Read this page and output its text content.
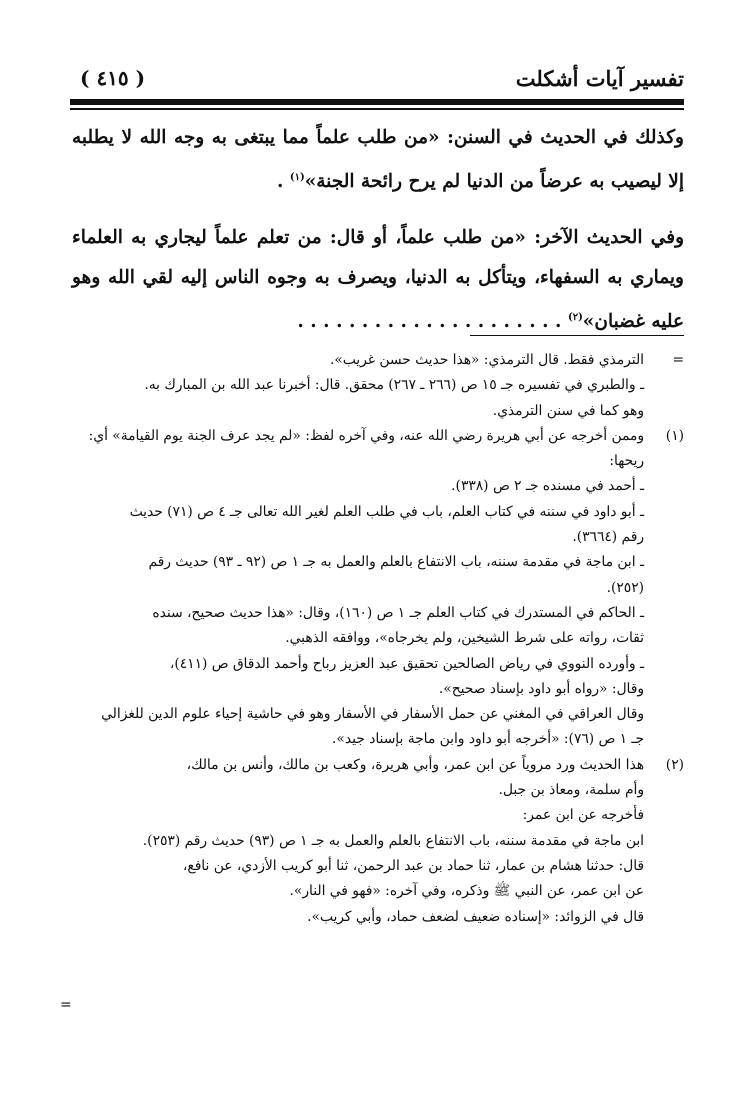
( ٤١٥ )	تفسير آيات أشكلت

وكذلك في الحديث في السنن: «من طلب علماً مما يبتغى به وجه الله لا يطلبه إلا ليصيب به عرضاً من الدنيا لم يرح رائحة الجنة»$^{(١)}$ .

وفي الحديث الآخر: «من طلب علماً، أو قال: من تعلم علماً ليجاري به العلماء ويماري به السفهاء، ويتأكل به الدنيا، ويصرف به وجوه الناس إليه لقي الله وهو عليه غضبان»$^{(٢)}$ . . . . . . . . . . . . . . . . . . . . .

=
الترمذي فقط. قال الترمذي: «هذا حديث حسن غريب».
ـ والطبري في تفسيره جـ ١٥ ص (٢٦٦ ـ ٢٦٧) محقق. قال: أخبرنا عبد الله بن المبارك به.
وهو كما في سنن الترمذي.
(١)
وممن أخرجه عن أبي هريرة رضي الله عنه، وفي آخره لفظ: «لم يجد عرف الجنة يوم القيامة» أي:
ريحها:
ـ أحمد في مسنده جـ ٢ ص (٣٣٨).
ـ أبو داود في سننه في كتاب العلم، باب في طلب العلم لغير الله تعالى جـ ٤ ص (٧١) حديث
رقم (٣٦٦٤).
ـ ابن ماجة في مقدمة سننه، باب الانتفاع بالعلم والعمل به جـ ١ ص (٩٢ ـ ٩٣) حديث رقم
(٢٥٢).
ـ الحاكم في المستدرك في كتاب العلم جـ ١ ص (١٦٠)، وقال: «هذا حديث صحيح، سنده
ثقات، رواته على شرط الشيخين، ولم يخرجاه»، ووافقه الذهبي.
ـ وأورده النووي في رياض الصالحين تحقيق عبد العزيز رباح وأحمد الدقاق ص (٤١١)،
وقال: «رواه أبو داود بإسناد صحيح».
وقال العراقي في المغني عن حمل الأسفار في الأسفار وهو في حاشية إحياء علوم الدين للغزالي
جـ ١ ص (٧٦): «أخرجه أبو داود وابن ماجة بإسناد جيد».
(٢)
هذا الحديث ورد مروياً عن ابن عمر، وأبي هريرة، وكعب بن مالك، وأنس بن مالك،
وأم سلمة، ومعاذ بن جبل.
فأخرجه عن ابن عمر:
ابن ماجة في مقدمة سننه، باب الانتفاع بالعلم والعمل به جـ ١ ص (٩٣) حديث رقم (٢٥٣).
قال: حدثنا هشام بن عمار، ثنا حماد بن عبد الرحمن، ثنا أبو كريب الأزدي، عن نافع،
عن ابن عمر، عن النبي ﷺ وذكره، وفي آخره: «فهو في النار».
قال في الزوائد: «إسناده ضعيف لضعف حماد، وأبي كريب».
=
